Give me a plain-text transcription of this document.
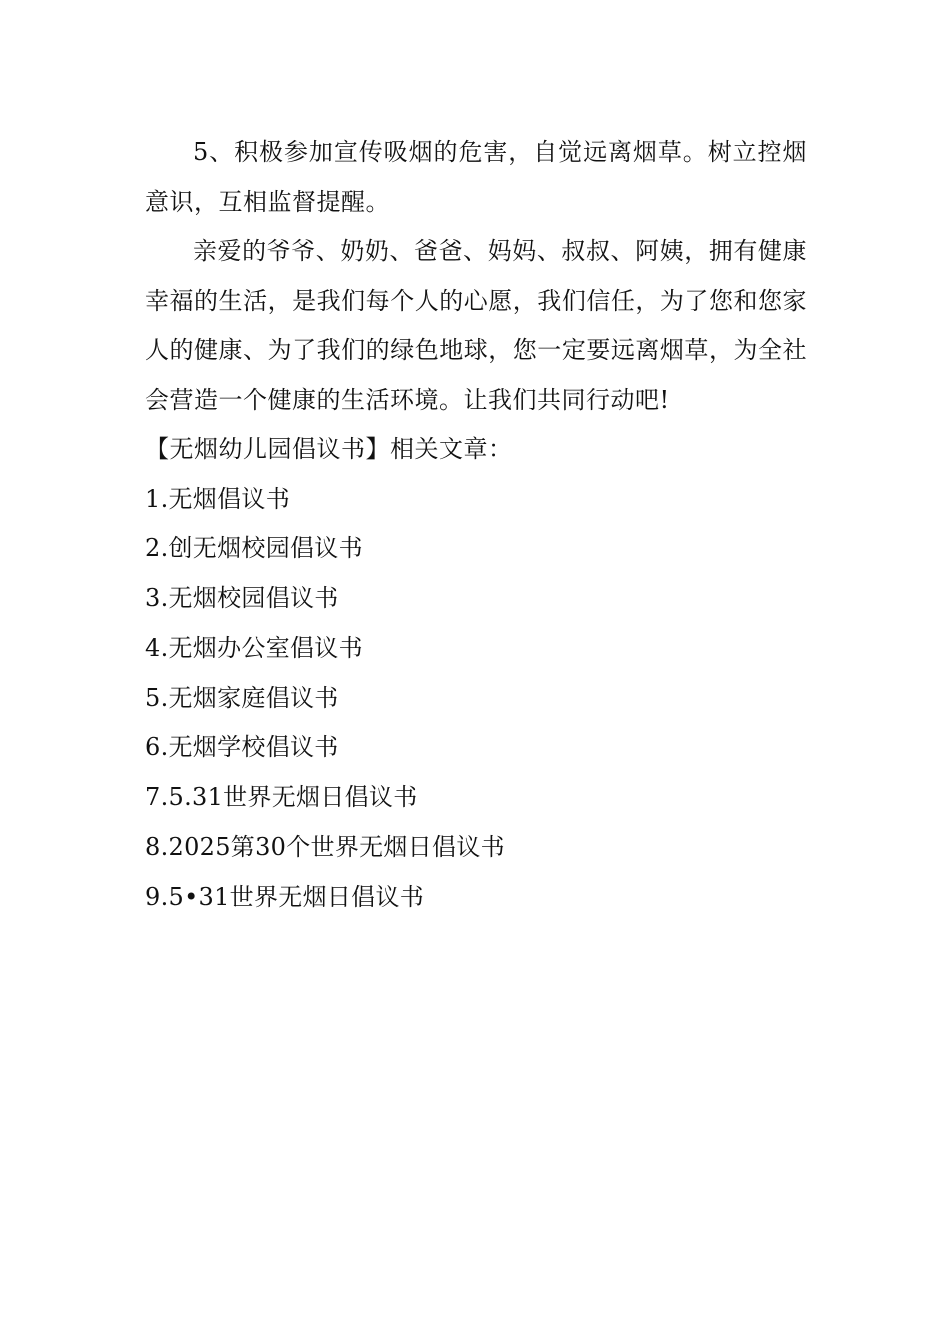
5、积极参加宣传吸烟的危害，自觉远离烟草。树立控烟意识，互相监督提醒。

亲爱的爷爷、奶奶、爸爸、妈妈、叔叔、阿姨，拥有健康幸福的生活，是我们每个人的心愿，我们信任，为了您和您家人的健康、为了我们的绿色地球，您一定要远离烟草，为全社会营造一个健康的生活环境。让我们共同行动吧!

【无烟幼儿园倡议书】相关文章：

1.无烟倡议书
2.创无烟校园倡议书
3.无烟校园倡议书
4.无烟办公室倡议书
5.无烟家庭倡议书
6.无烟学校倡议书
7.5.31世界无烟日倡议书
8.2025第30个世界无烟日倡议书
9.5•31世界无烟日倡议书
